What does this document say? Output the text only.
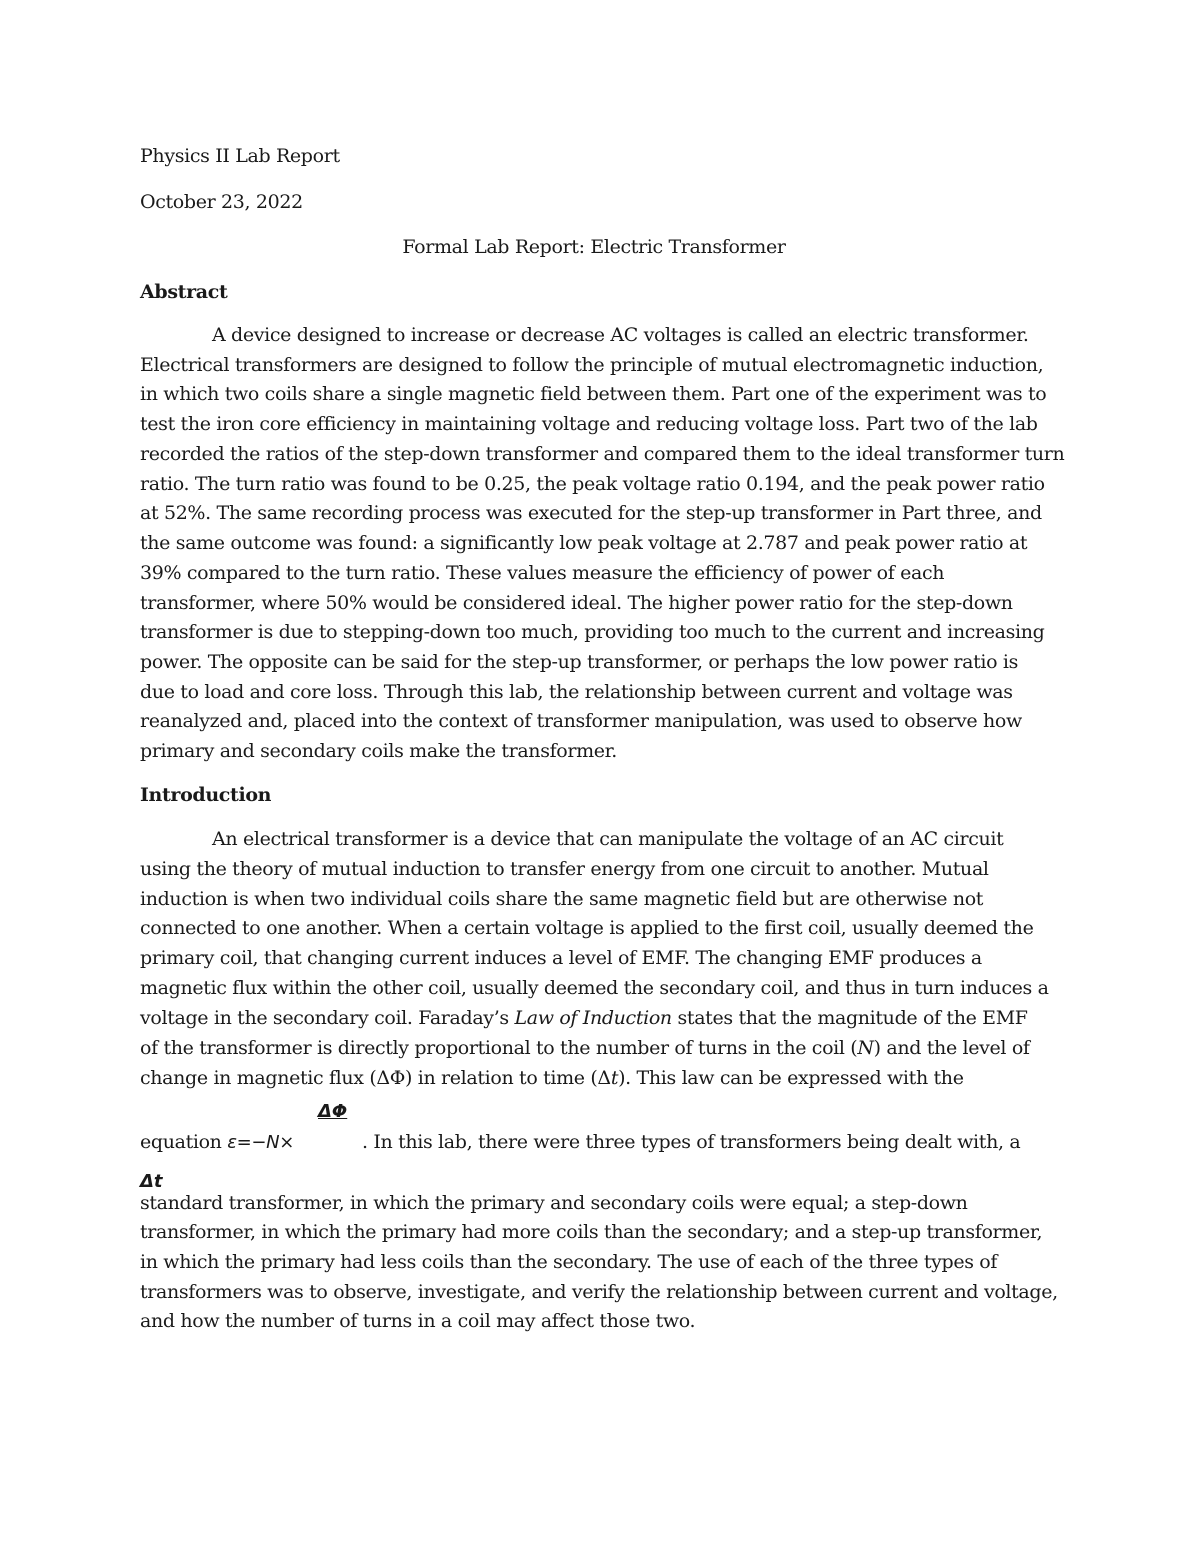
Physics II Lab Report
October 23, 2022
Formal Lab Report: Electric Transformer
Abstract
A device designed to increase or decrease AC voltages is called an electric transformer.
Electrical transformers are designed to follow the principle of mutual electromagnetic induction,
in which two coils share a single magnetic field between them. Part one of the experiment was to
test the iron core efficiency in maintaining voltage and reducing voltage loss. Part two of the lab
recorded the ratios of the step-down transformer and compared them to the ideal transformer turn
ratio. The turn ratio was found to be 0.25, the peak voltage ratio 0.194, and the peak power ratio
at 52%. The same recording process was executed for the step-up transformer in Part three, and
the same outcome was found: a significantly low peak voltage at 2.787 and peak power ratio at
39% compared to the turn ratio. These values measure the efficiency of power of each
transformer, where 50% would be considered ideal. The higher power ratio for the step-down
transformer is due to stepping-down too much, providing too much to the current and increasing
power. The opposite can be said for the step-up transformer, or perhaps the low power ratio is
due to load and core loss. Through this lab, the relationship between current and voltage was
reanalyzed and, placed into the context of transformer manipulation, was used to observe how
primary and secondary coils make the transformer.
Introduction
An electrical transformer is a device that can manipulate the voltage of an AC circuit
using the theory of mutual induction to transfer energy from one circuit to another. Mutual
induction is when two individual coils share the same magnetic field but are otherwise not
connected to one another. When a certain voltage is applied to the first coil, usually deemed the
primary coil, that changing current induces a level of EMF. The changing EMF produces a
magnetic flux within the other coil, usually deemed the secondary coil, and thus in turn induces a
voltage in the secondary coil. Faraday’s Law of Induction states that the magnitude of the EMF
of the transformer is directly proportional to the number of turns in the coil (N) and the level of
change in magnetic flux (ΔΦ) in relation to time (Δt). This law can be expressed with the
ΔΦ
equation ε=−N×	. In this lab, there were three types of transformers being dealt with, a
Δt
standard transformer, in which the primary and secondary coils were equal; a step-down
transformer, in which the primary had more coils than the secondary; and a step-up transformer,
in which the primary had less coils than the secondary. The use of each of the three types of
transformers was to observe, investigate, and verify the relationship between current and voltage,
and how the number of turns in a coil may affect those two.
